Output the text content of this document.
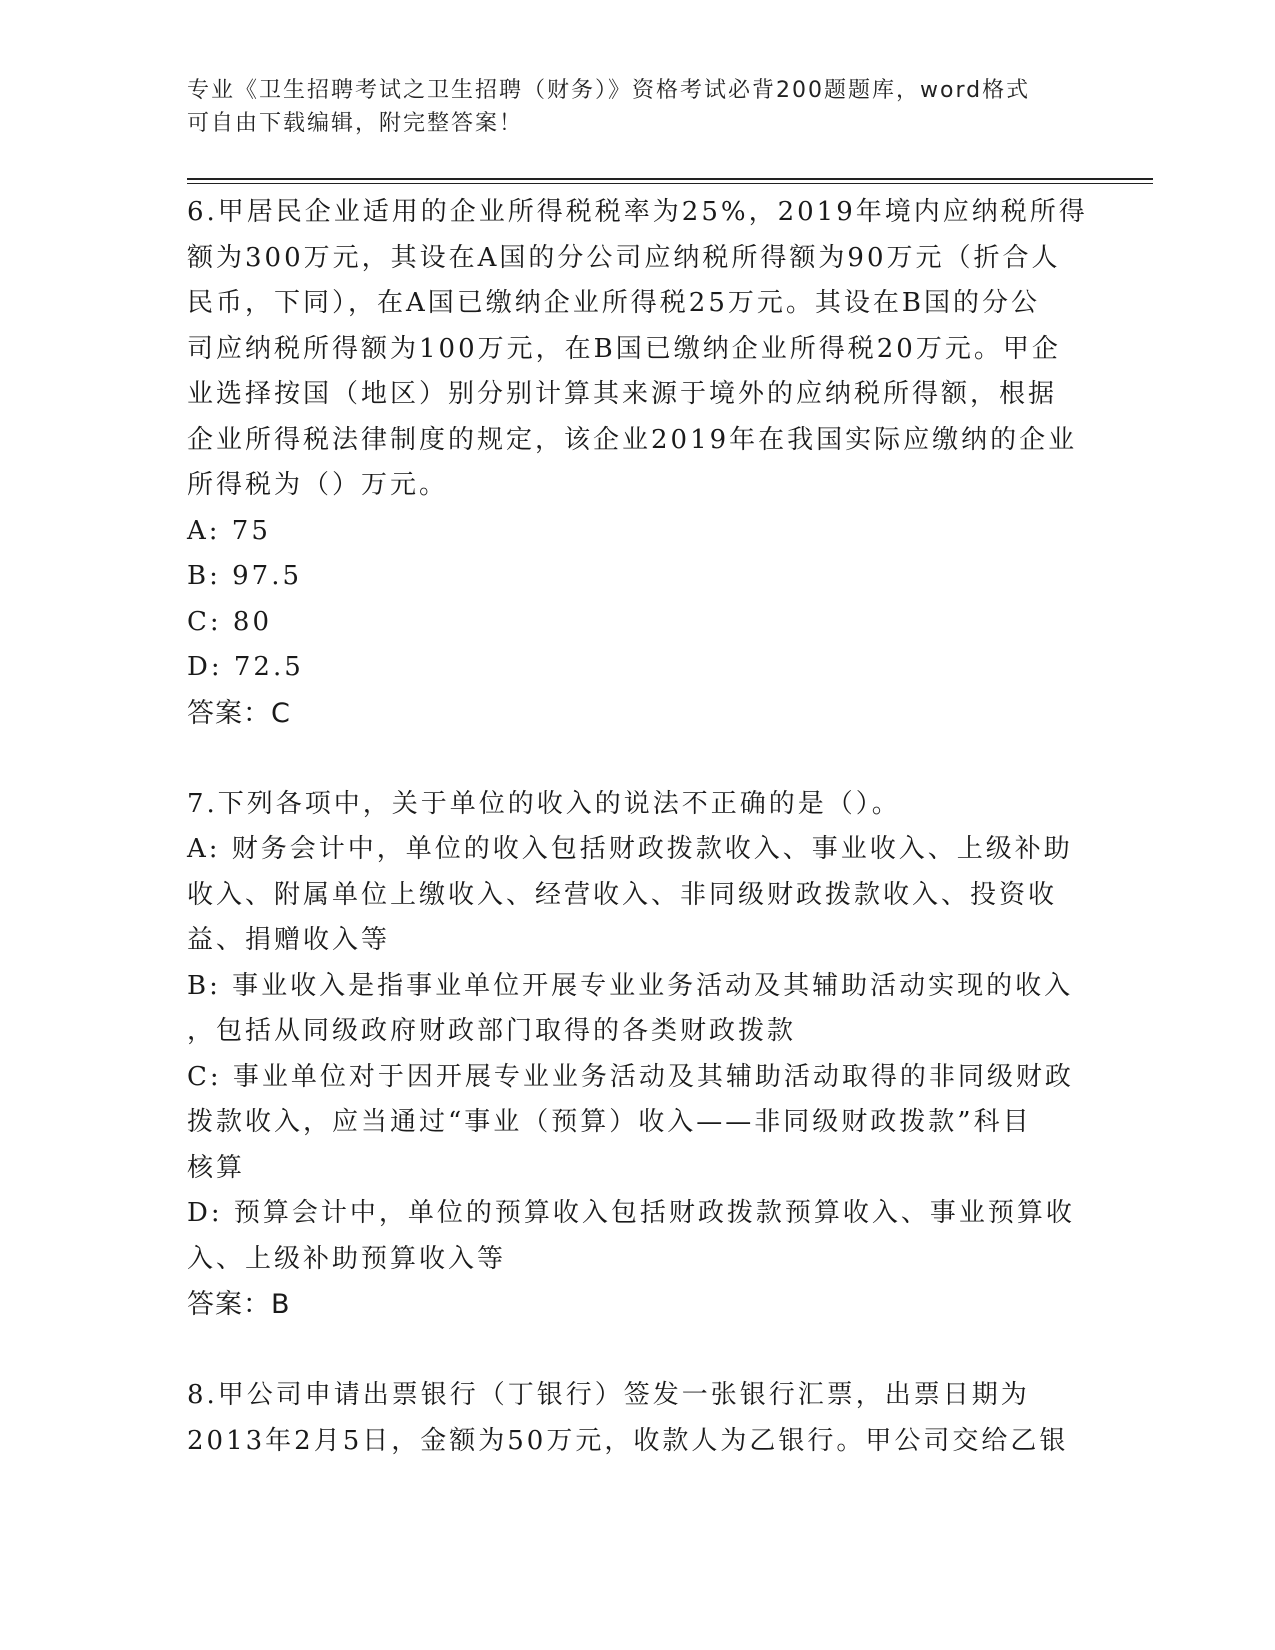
专业《卫生招聘考试之卫生招聘（财务）》资格考试必背200题题库，word格式
可自由下载编辑，附完整答案！
6.甲居民企业适用的企业所得税税率为25%，2019年境内应纳税所得
额为300万元，其设在A国的分公司应纳税所得额为90万元（折合人
民币，下同），在A国已缴纳企业所得税25万元。其设在B国的分公
司应纳税所得额为100万元，在B国已缴纳企业所得税20万元。甲企
业选择按国（地区）别分别计算其来源于境外的应纳税所得额，根据
企业所得税法律制度的规定，该企业2019年在我国实际应缴纳的企业
所得税为（）万元。
A: 75
B: 97.5
C: 80
D: 72.5
答案：C
7.下列各项中，关于单位的收入的说法不正确的是（）。
A: 财务会计中，单位的收入包括财政拨款收入、事业收入、上级补助
收入、附属单位上缴收入、经营收入、非同级财政拨款收入、投资收
益、捐赠收入等
B: 事业收入是指事业单位开展专业业务活动及其辅助活动实现的收入
，包括从同级政府财政部门取得的各类财政拨款
C: 事业单位对于因开展专业业务活动及其辅助活动取得的非同级财政
拨款收入，应当通过“事业（预算）收入——非同级财政拨款”科目
核算
D: 预算会计中，单位的预算收入包括财政拨款预算收入、事业预算收
入、上级补助预算收入等
答案：B
8.甲公司申请出票银行（丁银行）签发一张银行汇票，出票日期为
2013年2月5日，金额为50万元，收款人为乙银行。甲公司交给乙银
